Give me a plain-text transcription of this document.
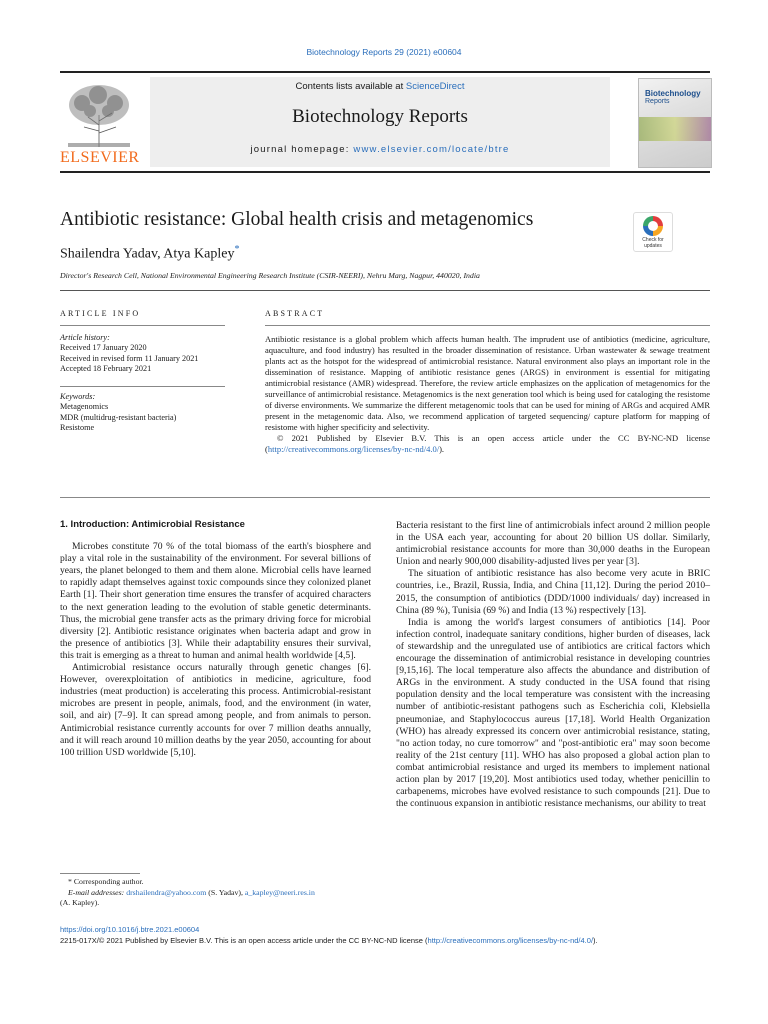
Biotechnology Reports 29 (2021) e00604
ELSEVIER
Contents lists available at ScienceDirect
Biotechnology Reports
journal homepage: www.elsevier.com/locate/btre
Biotechnology
Reports
Antibiotic resistance: Global health crisis and metagenomics
Check for updates
Shailendra Yadav, Atya Kapley*
Director's Research Cell, National Environmental Engineering Research Institute (CSIR-NEERI), Nehru Marg, Nagpur, 440020, India
ARTICLE INFO
Article history:
Received 17 January 2020
Received in revised form 11 January 2021
Accepted 18 February 2021
Keywords:
Metagenomics
MDR (multidrug-resistant bacteria)
Resistome
ABSTRACT
Antibiotic resistance is a global problem which affects human health. The imprudent use of antibiotics (medicine, agriculture, aquaculture, and food industry) has resulted in the broader dissemination of resistance. Urban wastewater & sewage treatment plants act as the hotspot for the widespread of antimicrobial resistance. Natural environment also plays an important role in the dissemination of resistance. Mapping of antibiotic resistance genes (ARGS) in environment is essential for mitigating antimicrobial resistance (AMR) widespread. Therefore, the review article emphasizes on the application of metagenomics for the surveillance of antimicrobial resistance. Metagenomics is the next generation tool which is being used for cataloging the resistome of diverse environments. We summarize the different metagenomic tools that can be used for mining of ARGs and acquired AMR present in the metagenomic data. Also, we recommend application of targeted sequencing/ capture platform for mapping of resistome with higher specificity and selectivity.
© 2021 Published by Elsevier B.V. This is an open access article under the CC BY-NC-ND license (http://creativecommons.org/licenses/by-nc-nd/4.0/).
1. Introduction: Antimicrobial Resistance

Microbes constitute 70 % of the total biomass of the earth's biosphere and play a vital role in the sustainability of the environment. For several billions of years, the planet belonged to them and them alone. Microbial cells have learned to rapidly adapt themselves against toxic compounds since they colonized planet Earth [1]. Their short generation time ensures the transfer of acquired characters to the next generation leading to the evolution of stable genetic determinants. Thus, the microbial gene transfer acts as the primary driving force for microbial diversity [2]. Antibiotic resistance originates when bacteria adapt and grow in the presence of antibiotics [3]. While their adaptability ensures their survival, this trait is emerging as a threat to human and animal health worldwide [4,5].

Antimicrobial resistance occurs naturally through genetic changes [6]. However, overexploitation of antibiotics in medicine, agriculture, food industries (meat production) is accelerating this process. Antimicrobial-resistant microbes are present in people, animals, food, and the environment (in water, soil, and air) [7–9]. It can spread among people, and from animals to person. Antimicrobial resistance currently accounts for over 7 million deaths annually, and it will reach around 10 million deaths by the year 2050, accounting for about 100 trillion USD worldwide [5,10].

* Corresponding author.
E-mail addresses: drshailendra@yahoo.com (S. Yadav), a_kapley@neeri.res.in
(A. Kapley).

Bacteria resistant to the first line of antimicrobials infect around 2 million people in the USA each year, accounting for about 20 billion US dollar. Similarly, antimicrobial resistance accounts for more than 30,000 deaths in the European Union and nearly 900,000 disability-adjusted lives per year [3].

The situation of antibiotic resistance has also become very acute in BRIC countries, i.e., Brazil, Russia, India, and China [11,12]. During the period 2010–2015, the consumption of antibiotics (DDD/1000 individuals/ day) increased in China (89 %), Tunisia (69 %) and India (13 %) respectively [13].

India is among the world's largest consumers of antibiotics [14]. Poor infection control, inadequate sanitary conditions, higher burden of diseases, lack of stewardship and the unregulated use of antibiotics are critical factors which encourage the dissemination of antimicrobial resistance in developing countries [9,15,16]. The local temperature also affects the abundance and distribution of ARGs in the environment. A study conducted in the USA found that rising population density and the local temperature was consistent with the increasing number of antibiotic-resistant pathogens such as Escherichia coli, Klebsiella pneumoniae, and Staphylococcus aureus [17,18]. World Health Organization (WHO) has already expressed its concern over antimicrobial resistance, stating, "no action today, no cure tomorrow" and "post-antibiotic era" may soon become reality of the 21st century [11]. WHO has also proposed a global action plan to combat antimicrobial resistance and urged its members to implement national action plan by 2017 [19,20]. Most antibiotics used today, whether penicillin to carbapenems, microbes have evolved resistance to such compounds [21]. Due to the continuous expansion in antibiotic resistance mechanisms, our ability to treat

https://doi.org/10.1016/j.btre.2021.e00604
2215-017X/© 2021 Published by Elsevier B.V. This is an open access article under the CC BY-NC-ND license (http://creativecommons.org/licenses/by-nc-nd/4.0/).
